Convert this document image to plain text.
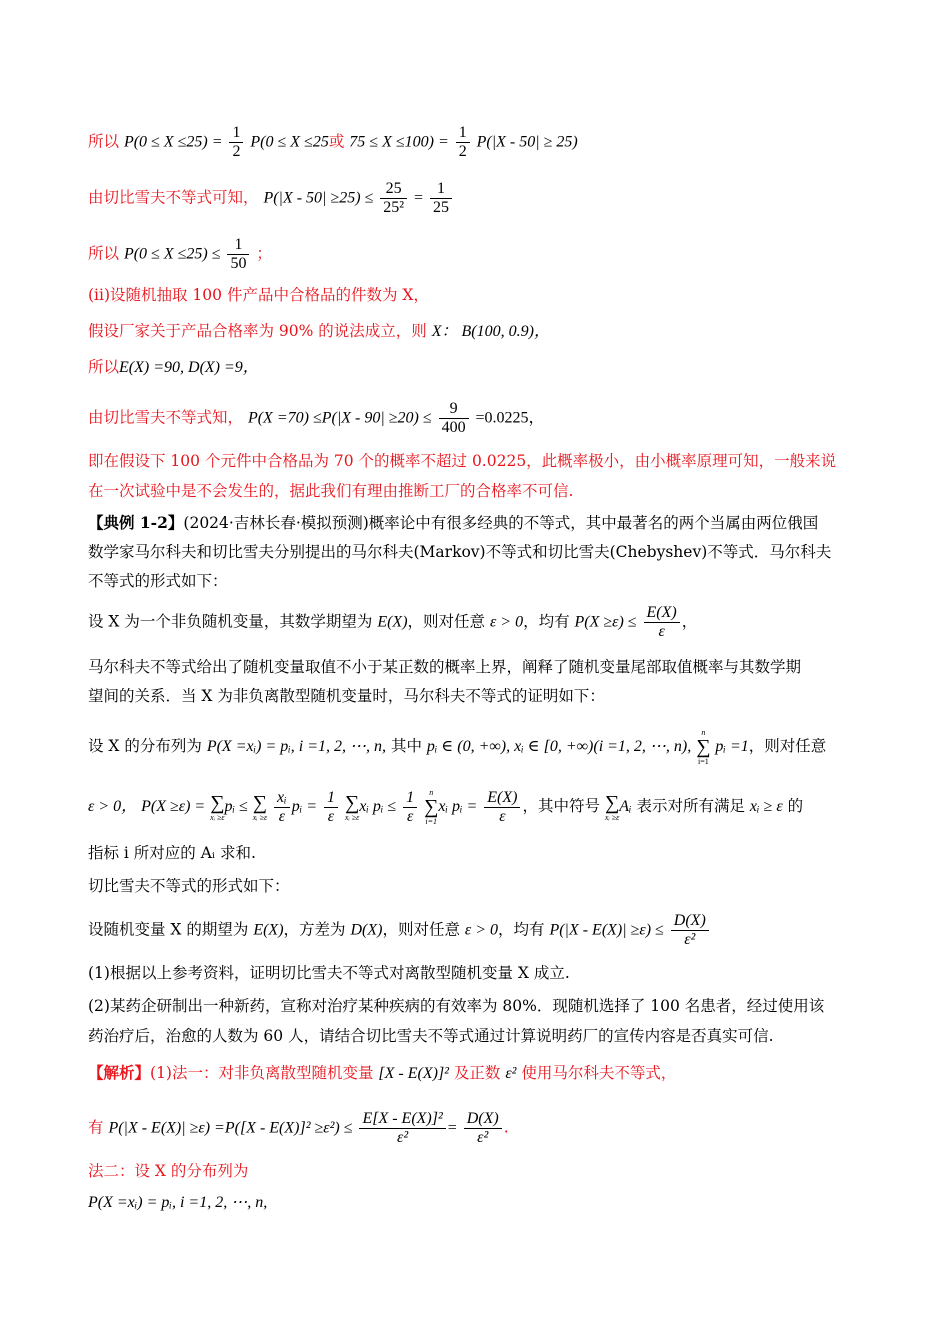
所以 $P(0 \le X \le 25) = \frac{1}{2} P(0 \le X \le 25$或 $75 \le X \le 100) = \frac{1}{2} P(|X - 50| \ge 25)$
由切比雪夫不等式可知， $P(|X - 50| \ge 25) \le \frac{25}{\text{25²}} = \frac{1}{25}$
所以 $P(0 \le X \le 25) \le \frac{1}{50}$ ；
(ii)设随机抽取 100 件产品中合格品的件数为 X，
假设厂家关于产品合格率为 90% 的说法成立，则 X： B(100, 0.9)，
所以E(X) =90, D(X) =9，
由切比雪夫不等式知， $P(X =70) \le P(|X - 90| \ge 20) \le \frac{9}{400} =0.0225$，
即在假设下 100 个元件中合格品为 70 个的概率不超过 0.0225，此概率极小，由小概率原理可知，一般来说
在一次试验中是不会发生的，据此我们有理由推断工厂的合格率不可信.
【典例 1-2】(2024·吉林长春·模拟预测)概率论中有很多经典的不等式，其中最著名的两个当属由两位俄国
数学家马尔科夫和切比雪夫分别提出的马尔科夫(Markov)不等式和切比雪夫(Chebyshev)不等式．马尔科夫
不等式的形式如下：
设 X 为一个非负随机变量，其数学期望为 E(X)，则对任意 ε > 0，均有 $P(X \ge\varepsilon) \le \frac{E(X)}{\varepsilon}$ ，
马尔科夫不等式给出了随机变量取值不小于某正数的概率上界，阐释了随机变量尾部取值概率与其数学期
望间的关系．当 X 为非负离散型随机变量时，马尔科夫不等式的证明如下：
设 X 的分布列为 P(X =xᵢ) = pᵢ, i =1, 2, ⋯, n, 其中 pᵢ ∈ (0, +∞), xᵢ ∈ [0, +∞)(i =1, 2, ⋯, n),
n
∑
i=1
pᵢ =1，则对任意
ε > 0， P(X ≥ε) = ∑
xᵢ ≥ε
pᵢ ≤ ∑
xᵢ ≥ε
$\frac{\text{xᵢ}}{\varepsilon}$ pᵢ = $\frac{1}{\varepsilon}$
∑
xᵢ ≥ε
xᵢ pᵢ ≤ $\frac{1}{\varepsilon}$
	n
∑
i=1
xᵢ pᵢ = $\frac{E(X)}{\varepsilon}$ ，其中符号 ∑
xᵢ ≥ε
Aᵢ 表示对所有满足 xᵢ ≥ ε 的
指标 i 所对应的 Aᵢ 求和.
切比雪夫不等式的形式如下：
设随机变量 X 的期望为 E(X)，方差为 D(X)，则对任意 ε > 0，均有 $P(|X - E(X)| \ge\varepsilon) \le \frac{D(X)}{\text{ε²}}$
(1)根据以上参考资料，证明切比雪夫不等式对离散型随机变量 X 成立.
(2)某药企研制出一种新药，宣称对治疗某种疾病的有效率为 80%．现随机选择了 100 名患者，经过使用该
药治疗后，治愈的人数为 60 人，请结合切比雪夫不等式通过计算说明药厂的宣传内容是否真实可信.
【解析】(1)法一：对非负离散型随机变量 [X - E(X)]² 及正数 ε² 使用马尔科夫不等式，
有 $P(|X - E(X)| \ge\varepsilon) =P([X - E(X)]^2 \ge\varepsilon^2) \le \frac{\text{E[X - E(X)]²}}{\text{ε²}} = \frac{D(X)}{\text{ε²}}$ .
法二：设 X 的分布列为
P(X =xᵢ) = pᵢ, i =1, 2, ⋯, n,
